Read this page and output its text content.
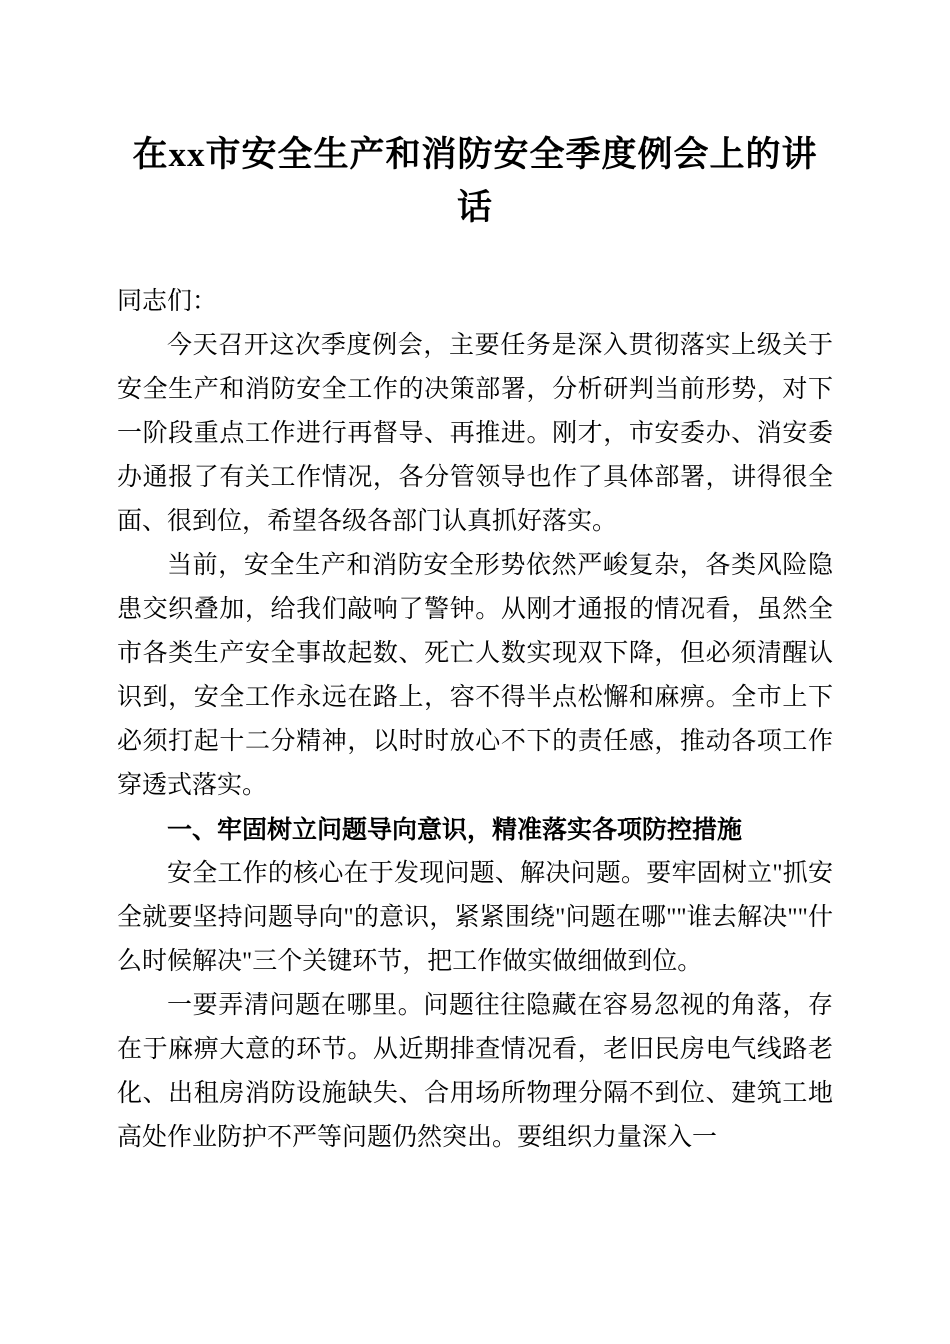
在xx市安全生产和消防安全季度例会上的讲话

同志们：

今天召开这次季度例会，主要任务是深入贯彻落实上级关于安全生产和消防安全工作的决策部署，分析研判当前形势，对下一阶段重点工作进行再督导、再推进。刚才，市安委办、消安委办通报了有关工作情况，各分管领导也作了具体部署，讲得很全面、很到位，希望各级各部门认真抓好落实。

当前，安全生产和消防安全形势依然严峻复杂，各类风险隐患交织叠加，给我们敲响了警钟。从刚才通报的情况看，虽然全市各类生产安全事故起数、死亡人数实现双下降，但必须清醒认识到，安全工作永远在路上，容不得半点松懈和麻痹。全市上下必须打起十二分精神，以时时放心不下的责任感，推动各项工作穿透式落实。

一、牢固树立问题导向意识，精准落实各项防控措施

安全工作的核心在于发现问题、解决问题。要牢固树立"抓安全就要坚持问题导向"的意识，紧紧围绕"问题在哪""谁去解决""什么时候解决"三个关键环节，把工作做实做细做到位。

一要弄清问题在哪里。问题往往隐藏在容易忽视的角落，存在于麻痹大意的环节。从近期排查情况看，老旧民房电气线路老化、出租房消防设施缺失、合用场所物理分隔不到位、建筑工地高处作业防护不严等问题仍然突出。要组织力量深入一
